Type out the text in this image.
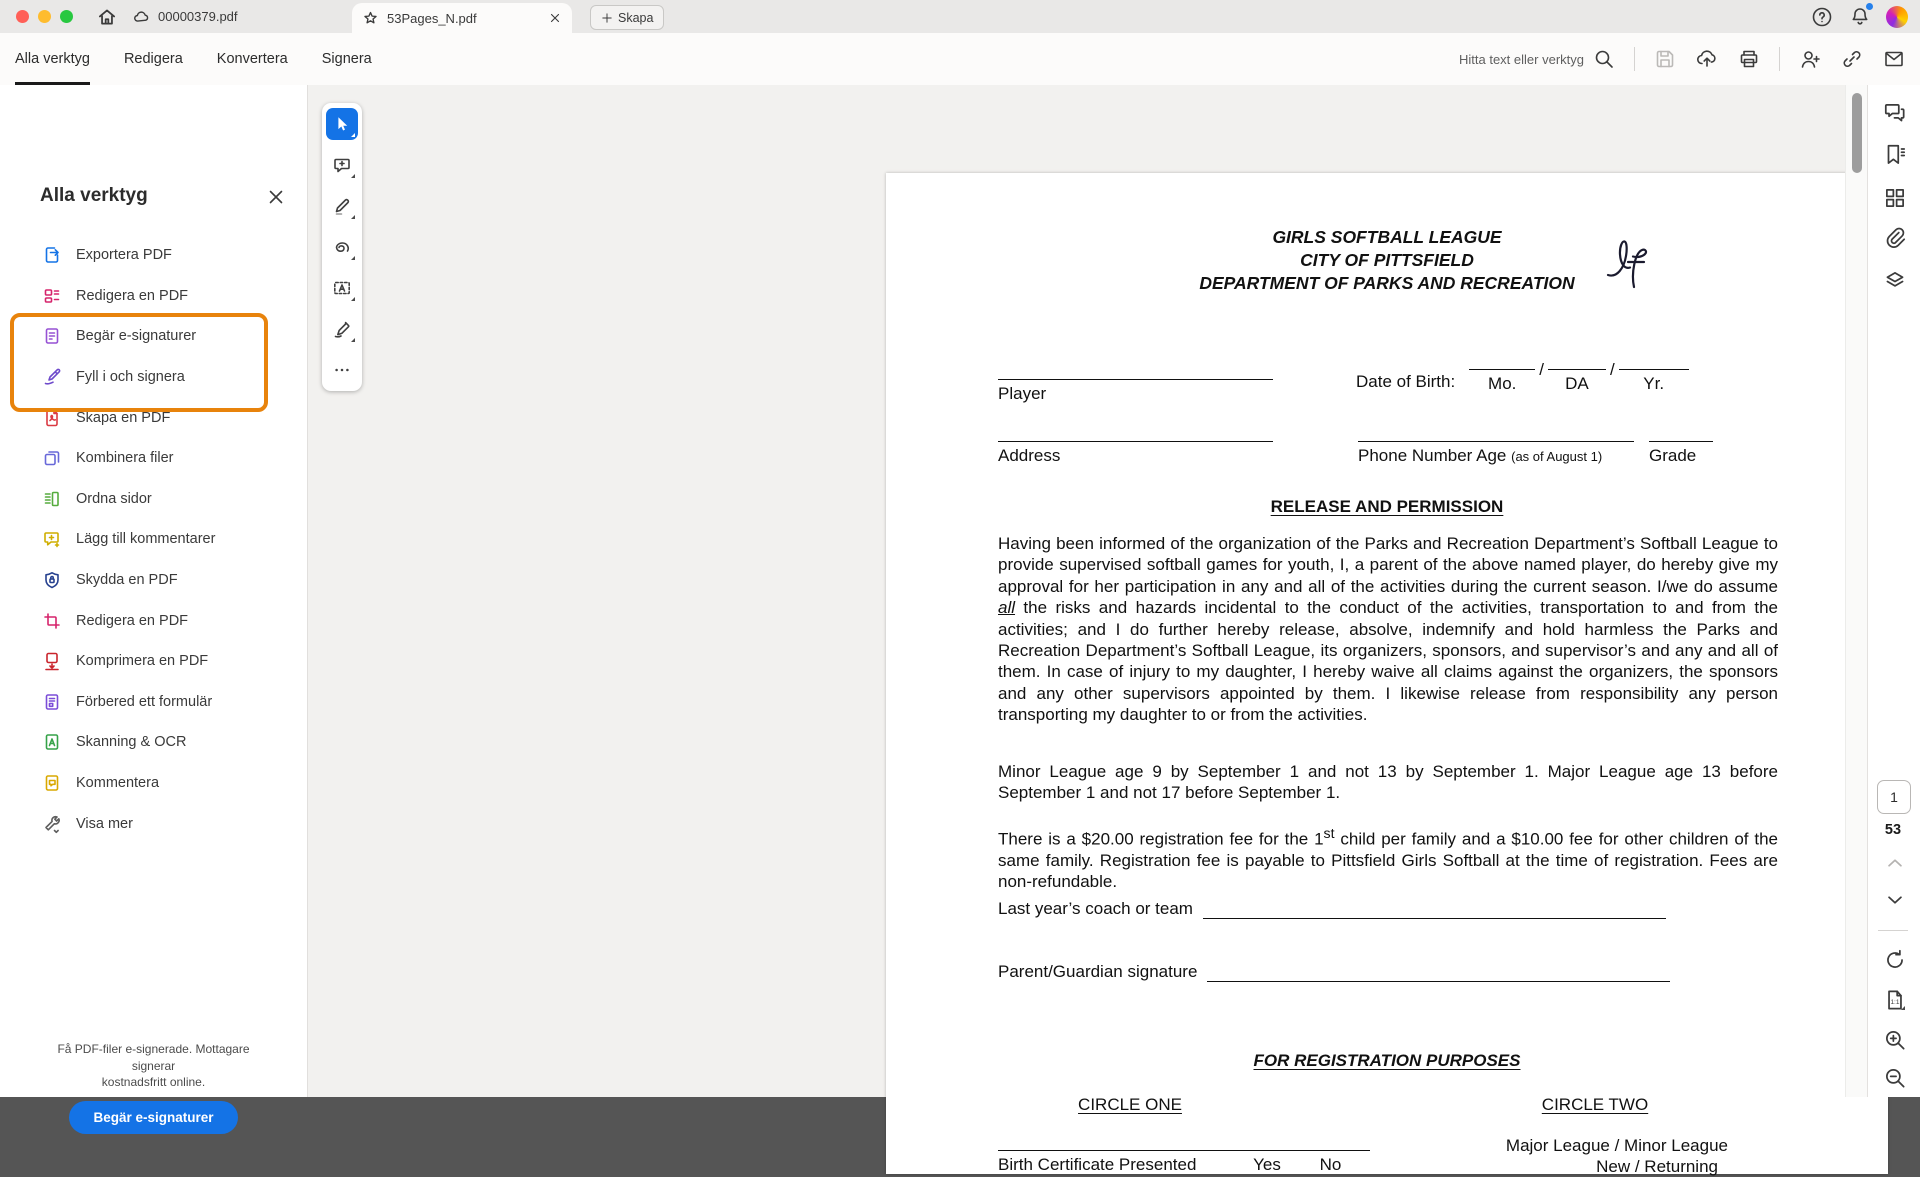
00000379.pdf	53Pages_N.pdf	Skapa
Alla verktyg Redigera Konvertera Signera	Hitta text eller verktyg
Alla verktyg
Exportera PDF
Redigera en PDF
Begär e-signaturer
Fyll i och signera
Skapa en PDF
Kombinera filer
Ordna sidor
Lägg till kommentarer
Skydda en PDF
Redigera en PDF
Komprimera en PDF
Förbered ett formulär
Skanning & OCR
Kommentera
Visa mer
Få PDF-filer e-signerade. Mottagare
signerar
kostnadsfritt online.
Begär e-signaturer
GIRLS SOFTBALL LEAGUE
CITY OF PITTSFIELD
DEPARTMENT OF PARKS AND RECREATION
Player
Date of Birth:	Mo.
/
DA
/
Yr.
Address	Phone Number Age (as of August 1)	Grade
RELEASE AND PERMISSION
Having been informed of the organization of the Parks and Recreation Department’s Softball League to provide supervised softball games for youth, I, a parent of the above named player, do hereby give my approval for her participation in any and all of the activities during the current season. I/we do assume all the risks and hazards incidental to the conduct of the activities, transportation to and from the activities; and I do further hereby release, absolve, indemnify and hold harmless the Parks and Recreation Department’s Softball League, its organizers, sponsors, and supervisor’s and any and all of them. In case of injury to my daughter, I hereby waive all claims against the organizers, the sponsors and any other supervisors appointed by them. I likewise release from responsibility any person transporting my daughter to or from the activities.
Minor League age 9 by September 1 and not 13 by September 1. Major League age 13 before September 1 and not 17 before September 1.
There is a $20.00 registration fee for the 1st child per family and a $10.00 fee for other children of the same family. Registration fee is payable to Pittsfield Girls Softball at the time of registration. Fees are non-refundable.
Last year’s coach or team
Parent/Guardian signature
FOR REGISTRATION PURPOSES
CIRCLE ONE	CIRCLE TWO
Major League / Minor League
New / Returning
Birth Certificate Presented	Yes No
1
53
1:1
